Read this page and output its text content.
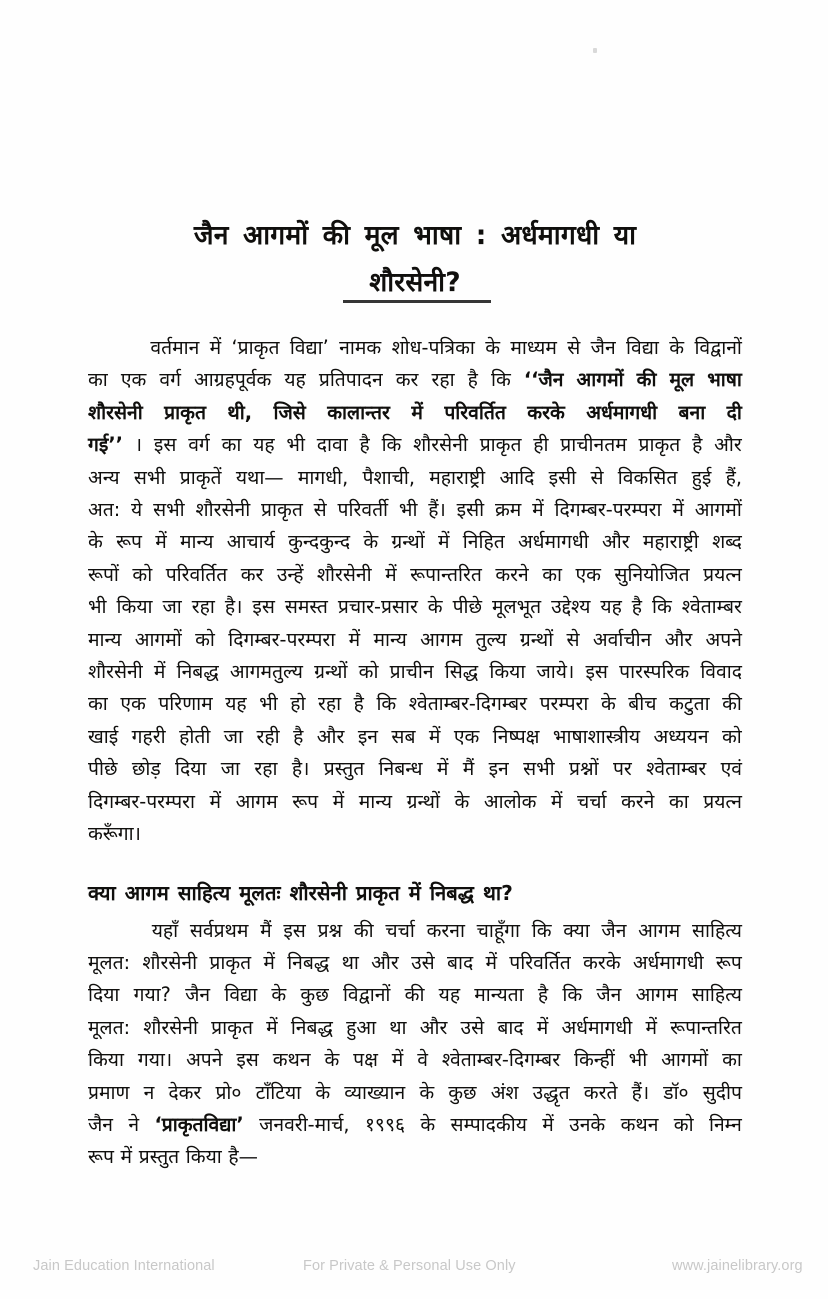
जैन आगमों की मूल भाषा : अर्धमागधी या
शौरसेनी?

वर्तमान में ‘प्राकृत विद्या’ नामक शोध-पत्रिका के माध्यम से जैन विद्या के विद्वानों
का एक वर्ग आग्रहपूर्वक यह प्रतिपादन कर रहा है कि ‘‘जैन आगमों की मूल भाषा
शौरसेनी प्राकृत थी, जिसे कालान्तर में परिवर्तित करके अर्धमागधी बना दी
गई’’ । इस वर्ग का यह भी दावा है कि शौरसेनी प्राकृत ही प्राचीनतम प्राकृत है और
अन्य सभी प्राकृतें यथा— मागधी, पैशाची, महाराष्ट्री आदि इसी से विकसित हुई हैं,
अत: ये सभी शौरसेनी प्राकृत से परिवर्ती भी हैं। इसी क्रम में दिगम्बर-परम्परा में आगमों
के रूप में मान्य आचार्य कुन्दकुन्द के ग्रन्थों में निहित अर्धमागधी और महाराष्ट्री शब्द
रूपों को परिवर्तित कर उन्हें शौरसेनी में रूपान्तरित करने का एक सुनियोजित प्रयत्न
भी किया जा रहा है। इस समस्त प्रचार-प्रसार के पीछे मूलभूत उद्देश्य यह है कि श्वेताम्बर
मान्य आगमों को दिगम्बर-परम्परा में मान्य आगम तुल्य ग्रन्थों से अर्वाचीन और अपने
शौरसेनी में निबद्ध आगमतुल्य ग्रन्थों को प्राचीन सिद्ध किया जाये। इस पारस्परिक विवाद
का एक परिणाम यह भी हो रहा है कि श्वेताम्बर-दिगम्बर परम्परा के बीच कटुता की
खाई गहरी होती जा रही है और इन सब में एक निष्पक्ष भाषाशास्त्रीय अध्ययन को
पीछे छोड़ दिया जा रहा है। प्रस्तुत निबन्ध में मैं इन सभी प्रश्नों पर श्वेताम्बर एवं
दिगम्बर-परम्परा में आगम रूप में मान्य ग्रन्थों के आलोक में चर्चा करने का प्रयत्न
करूँगा।

क्या आगम साहित्य मूलतः शौरसेनी प्राकृत में निबद्ध था?

यहाँ सर्वप्रथम मैं इस प्रश्न की चर्चा करना चाहूँगा कि क्या जैन आगम साहित्य
मूलत: शौरसेनी प्राकृत में निबद्ध था और उसे बाद में परिवर्तित करके अर्धमागधी रूप
दिया गया? जैन विद्या के कुछ विद्वानों की यह मान्यता है कि जैन आगम साहित्य
मूलत: शौरसेनी प्राकृत में निबद्ध हुआ था और उसे बाद में अर्धमागधी में रूपान्तरित
किया गया। अपने इस कथन के पक्ष में वे श्वेताम्बर-दिगम्बर किन्हीं भी आगमों का
प्रमाण न देकर प्रो० टाँटिया के व्याख्यान के कुछ अंश उद्धृत करते हैं। डॉ० सुदीप
जैन ने ‘प्राकृतविद्या’ जनवरी-मार्च, १९९६ के सम्पादकीय में उनके कथन को निम्न
रूप में प्रस्तुत किया है—

Jain Education International	For Private & Personal Use Only	www.jainelibrary.org
